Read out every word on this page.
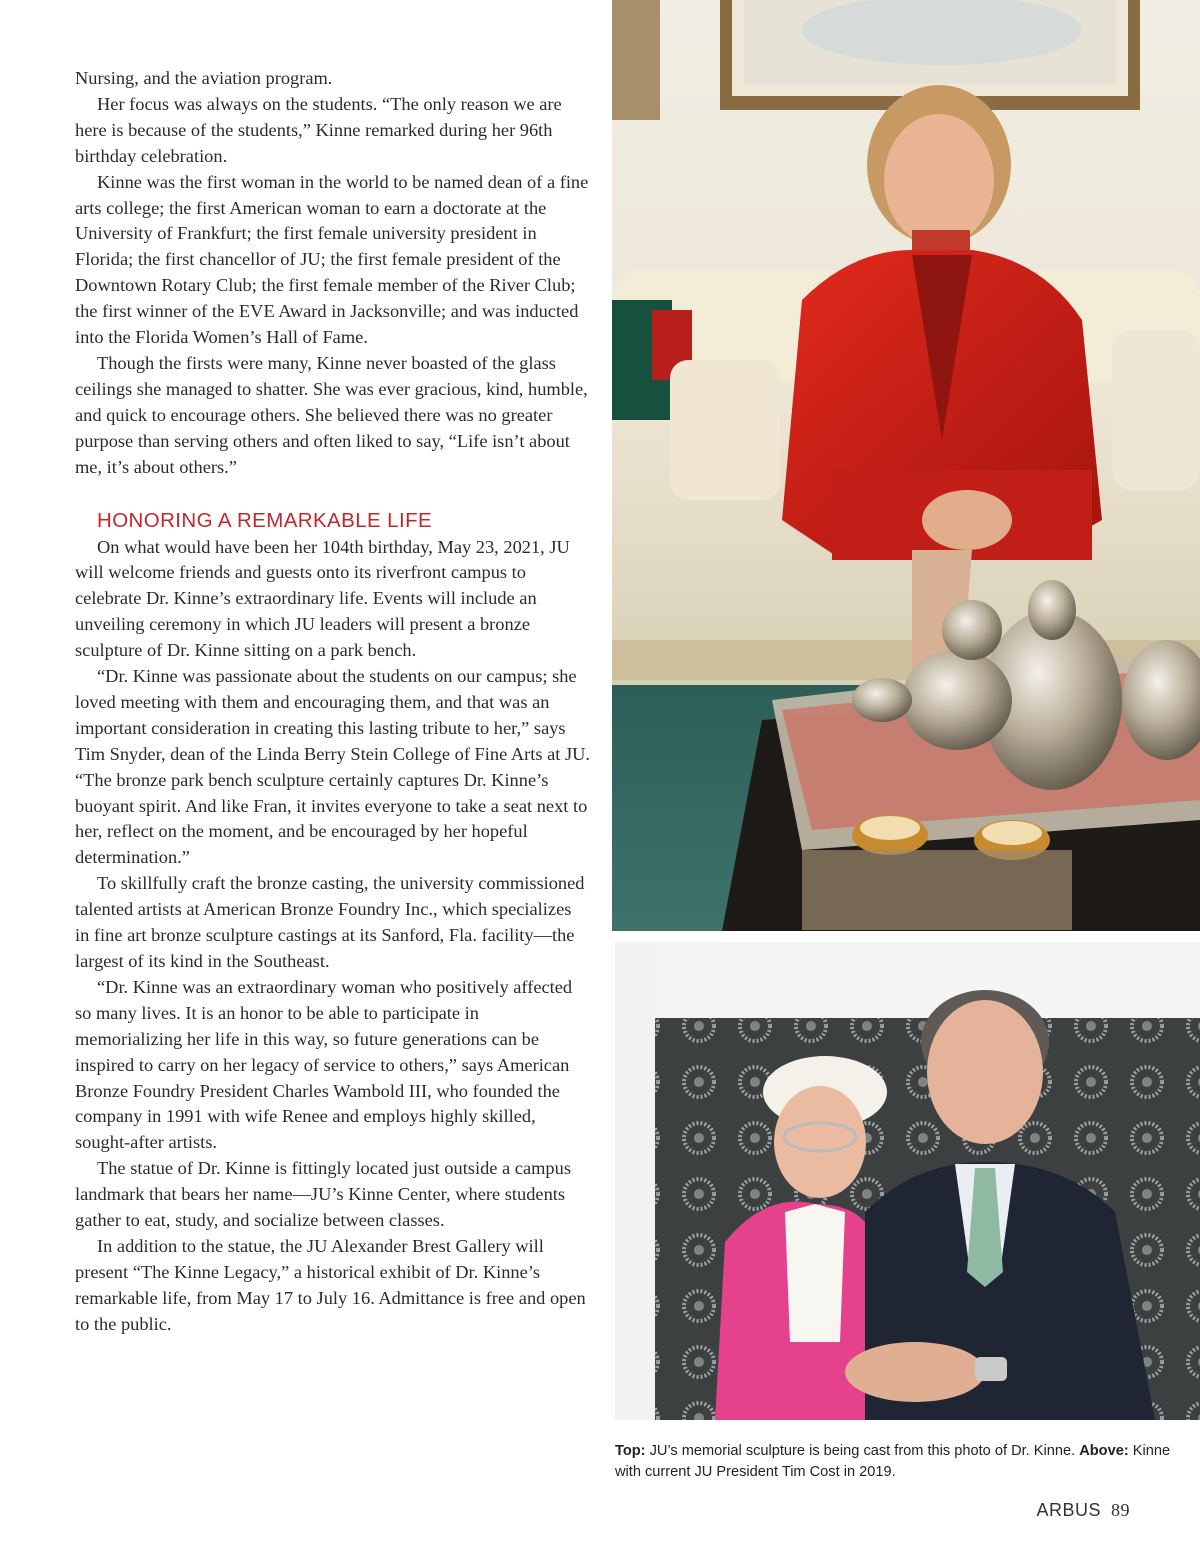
Nursing, and the aviation program.

Her focus was always on the students. “The only reason we are here is because of the students,” Kinne remarked during her 96th birthday celebration.

Kinne was the first woman in the world to be named dean of a fine arts college; the first American woman to earn a doctorate at the University of Frankfurt; the first female university president in Florida; the first chancellor of JU; the first female president of the Downtown Rotary Club; the first female member of the River Club; the first winner of the EVE Award in Jacksonville; and was inducted into the Florida Women’s Hall of Fame.

Though the firsts were many, Kinne never boasted of the glass ceilings she managed to shatter. She was ever gracious, kind, humble, and quick to encourage others. She believed there was no greater purpose than serving others and often liked to say, “Life isn’t about me, it’s about others.”

HONORING A REMARKABLE LIFE

On what would have been her 104th birthday, May 23, 2021, JU will welcome friends and guests onto its riverfront campus to celebrate Dr. Kinne’s extraordinary life. Events will include an unveiling ceremony in which JU leaders will present a bronze sculpture of Dr. Kinne sitting on a park bench.

“Dr. Kinne was passionate about the students on our campus; she loved meeting with them and encouraging them, and that was an important consideration in creating this lasting tribute to her,” says Tim Snyder, dean of the Linda Berry Stein College of Fine Arts at JU. “The bronze park bench sculpture certainly captures Dr. Kinne’s buoyant spirit. And like Fran, it invites everyone to take a seat next to her, reflect on the moment, and be encouraged by her hopeful determination.”

To skillfully craft the bronze casting, the university commissioned talented artists at American Bronze Foundry Inc., which specializes in fine art bronze sculpture castings at its Sanford, Fla. facility—the largest of its kind in the Southeast.

“Dr. Kinne was an extraordinary woman who positively affected so many lives. It is an honor to be able to participate in memorializing her life in this way, so future generations can be inspired to carry on her legacy of service to others,” says American Bronze Foundry President Charles Wambold III, who founded the company in 1991 with wife Renee and employs highly skilled, sought-after artists.

The statue of Dr. Kinne is fittingly located just outside a campus landmark that bears her name—JU’s Kinne Center, where students gather to eat, study, and socialize between classes.

In addition to the statue, the JU Alexander Brest Gallery will present “The Kinne Legacy,” a historical exhibit of Dr. Kinne’s remarkable life, from May 17 to July 16. Admittance is free and open to the public.

Top: JU’s memorial sculpture is being cast from this photo of Dr. Kinne. Above: Kinne with current JU President Tim Cost in 2019.
ARBUS 89
